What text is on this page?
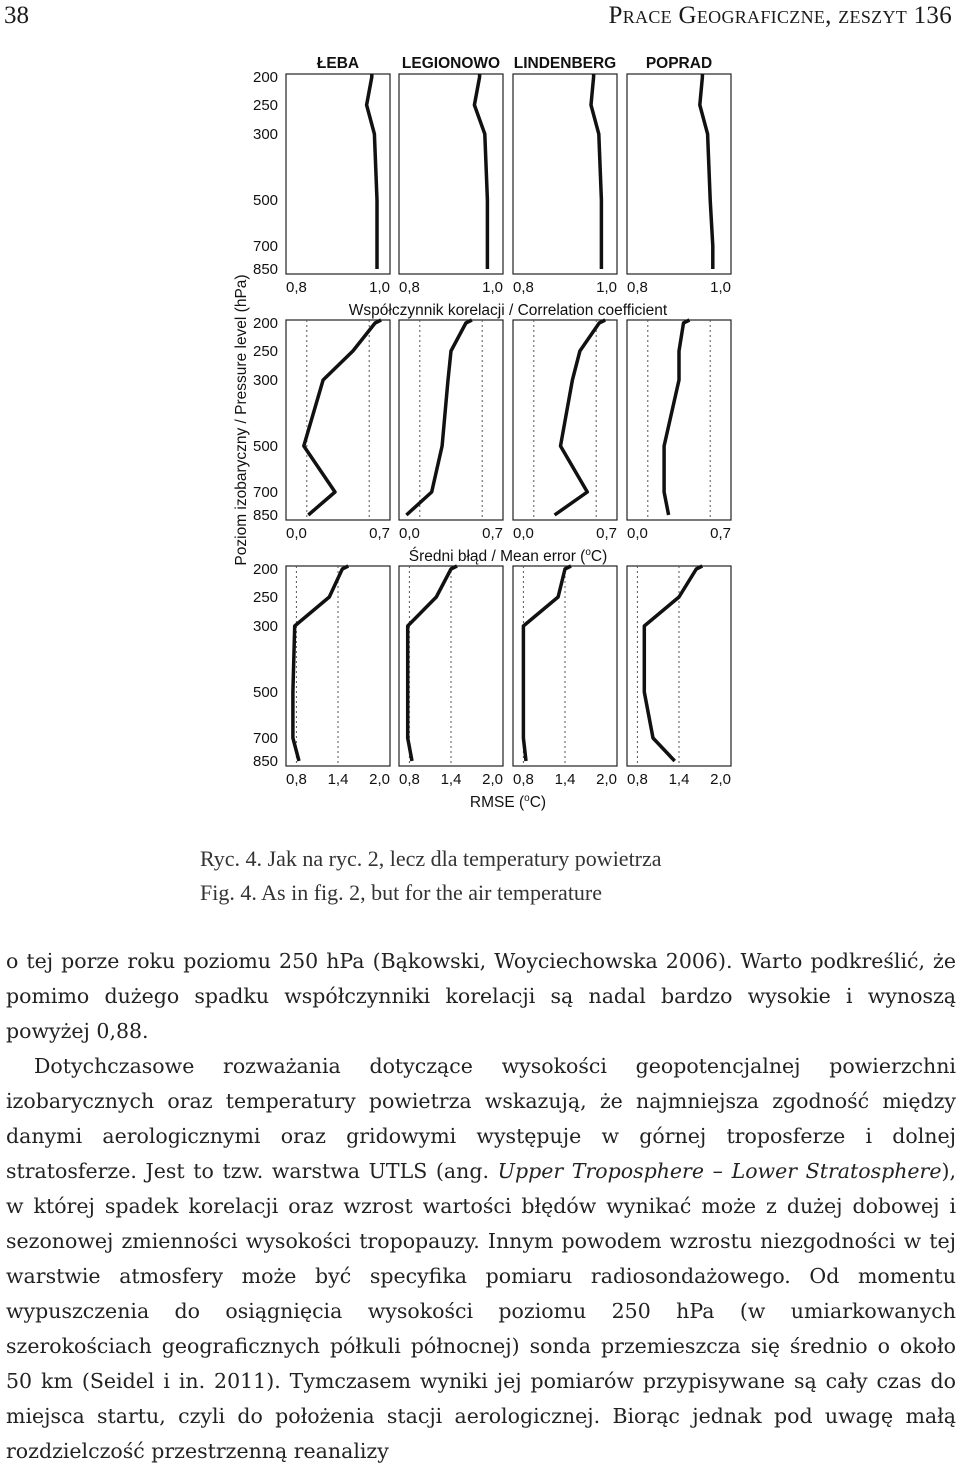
38	Prace Geograficzne, zeszyt 136
ŁEBA	LEGIONOWO LINDENBERG POPRAD
Poziom izobaryczny / Pressure level (hPa)
200
250
300
500
700
850
0,8	1,0 0,8	1,0 0,8	1,0 0,8	1,0
Współczynnik korelacji / Correlation coefficient
200
250
300
500
700
850
0,0	0,7 0,0	0,7 0,0	0,7 0,0	0,7
Średni błąd / Mean error ($^o$C)
200
250
300
500
700
850
0,8 1,4 2,0 0,8 1,4 2,0 0,8 1,4 2,0 0,8 1,4 2,0
RMSE ($^o$C)
Ryc. 4. Jak na ryc. 2, lecz dla temperatury powietrza
Fig. 4. As in fig. 2, but for the air temperature

o tej porze roku poziomu 250 hPa (Bąkowski, Woyciechowska 2006). Warto podkreślić, że pomimo dużego spadku współczynniki korelacji są nadal bardzo wysokie i wynoszą powyżej 0,88.

Dotychczasowe rozważania dotyczące wysokości geopotencjalnej powierzchni izobarycznych oraz temperatury powietrza wskazują, że najmniejsza zgodność między danymi aerologicznymi oraz gridowymi występuje w górnej troposferze i dolnej stratosferze. Jest to tzw. warstwa UTLS (ang. Upper Troposphere – Lower Stratosphere), w której spadek korelacji oraz wzrost wartości błędów wynikać może z dużej dobowej i sezonowej zmienności wysokości tropopauzy. Innym powodem wzrostu niezgodności w tej warstwie atmosfery może być specyfika pomiaru radiosondażowego. Od momentu wypuszczenia do osiągnięcia wysokości poziomu 250 hPa (w umiarkowanych szerokościach geograficznych półkuli północnej) sonda przemieszcza się średnio o około 50 km (Seidel i in. 2011). Tymczasem wyniki jej pomiarów przypisywane są cały czas do miejsca startu, czyli do położenia stacji aerologicznej. Biorąc jednak pod uwagę małą rozdzielczość przestrzenną reanalizy
